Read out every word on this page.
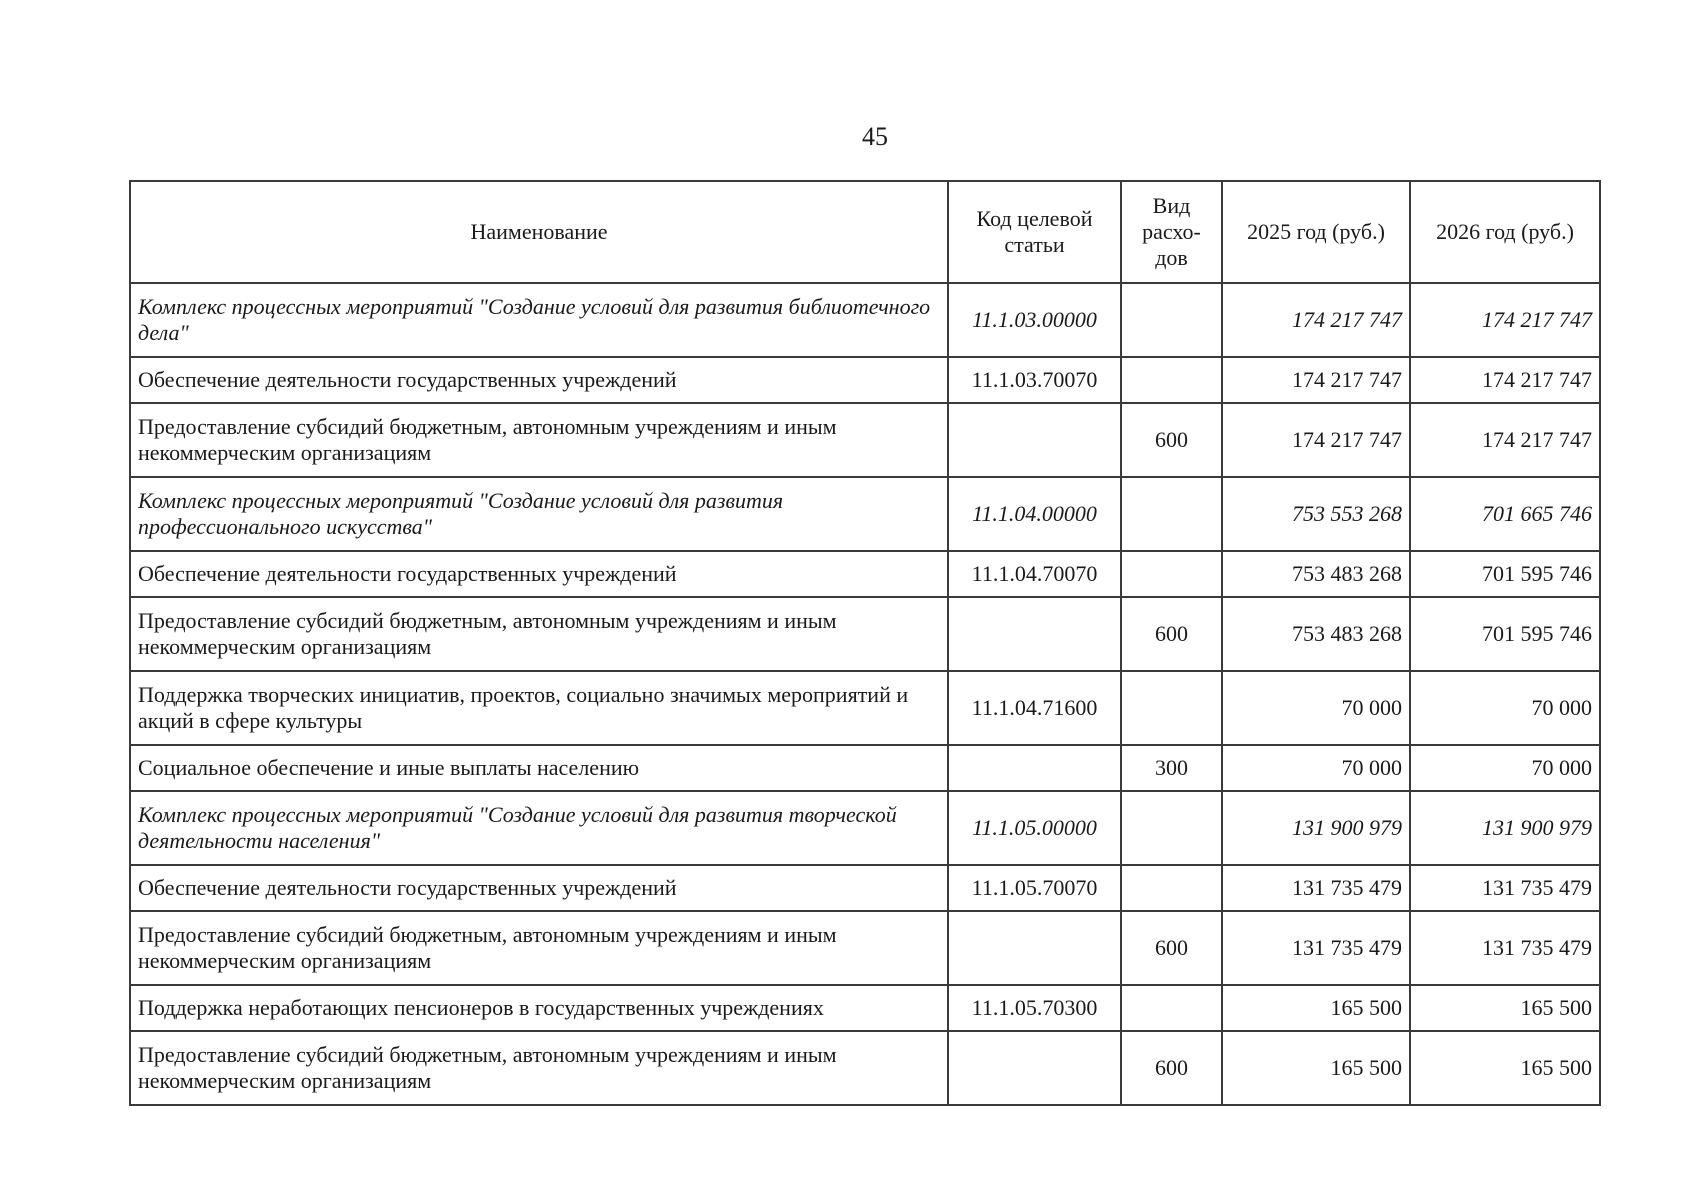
45
Наименование	Код целевой статьи	Вид расхо-дов	2025 год (руб.)	2026 год (руб.)
Комплекс процессных мероприятий "Создание условий для развития библиотечного дела"	11.1.03.00000		174 217 747	174 217 747
Обеспечение деятельности государственных учреждений	11.1.03.70070		174 217 747	174 217 747
Предоставление субсидий бюджетным, автономным учреждениям и иным некоммерческим организациям		600	174 217 747	174 217 747
Комплекс процессных мероприятий "Создание условий для развития профессионального искусства"	11.1.04.00000		753 553 268	701 665 746
Обеспечение деятельности государственных учреждений	11.1.04.70070		753 483 268	701 595 746
Предоставление субсидий бюджетным, автономным учреждениям и иным некоммерческим организациям		600	753 483 268	701 595 746
Поддержка творческих инициатив, проектов, социально значимых мероприятий и акций в сфере культуры	11.1.04.71600		70 000	70 000
Социальное обеспечение и иные выплаты населению		300	70 000	70 000
Комплекс процессных мероприятий "Создание условий для развития творческой деятельности населения"	11.1.05.00000		131 900 979	131 900 979
Обеспечение деятельности государственных учреждений	11.1.05.70070		131 735 479	131 735 479
Предоставление субсидий бюджетным, автономным учреждениям и иным некоммерческим организациям		600	131 735 479	131 735 479
Поддержка неработающих пенсионеров в государственных учреждениях	11.1.05.70300		165 500	165 500
Предоставление субсидий бюджетным, автономным учреждениям и иным некоммерческим организациям		600	165 500	165 500
